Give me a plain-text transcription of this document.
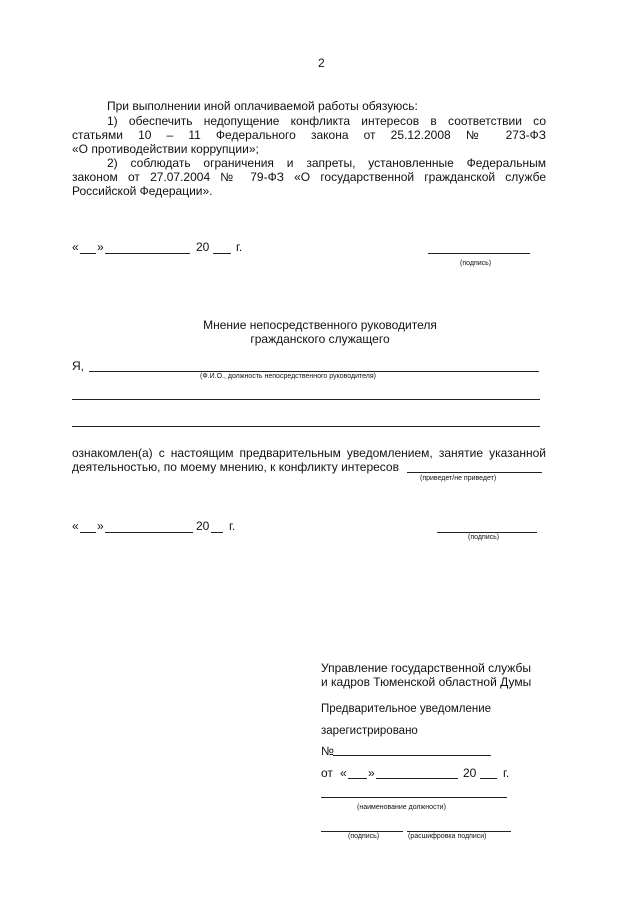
2
При выполнении иной оплачиваемой работы обязуюсь:
1) обеспечить недопущение конфликта интересов в соответствии со
статьями 10 – 11 Федерального закона от 25.12.2008 № 273-ФЗ
«О противодействии коррупции»;
2) соблюдать ограничения и запреты, установленные Федеральным
законом от 27.07.2004 № 79-ФЗ «О государственной гражданской службе
Российской Федерации».
« »	20 г.
(подпись)
Мнение непосредственного руководителя
гражданского служащего
Я,
(Ф.И.О., должность непосредственного руководителя)
ознакомлен(а) с настоящим предварительным уведомлением, занятие указанной
деятельностью, по моему мнению, к конфликту интересов
(приведет/не приведет)
« »	20 г.
(подпись)
Управление государственной службы
и кадров Тюменской областной Думы
Предварительное уведомление
зарегистрировано
№
от « »	20 г.
(наименование должности)
(подпись)	(расшифровка подписи)
